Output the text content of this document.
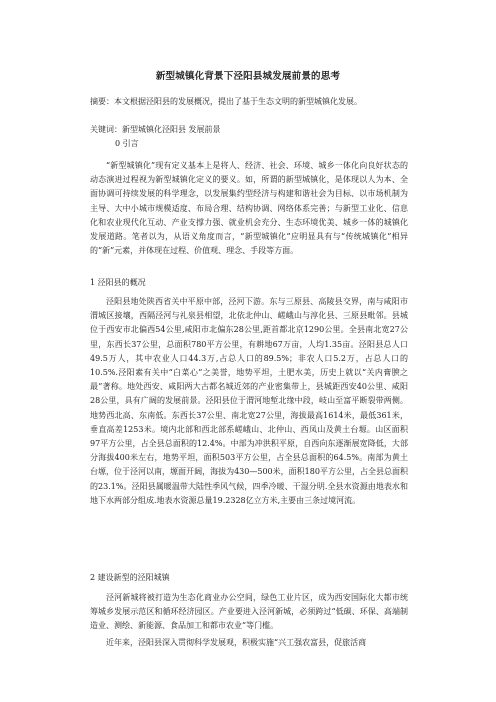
新型城镇化背景下泾阳县城发展前景的思考
摘要：本文根据泾阳县的发展概况，提出了基于生态文明的新型城镇化发展。
关键词：新型城镇化泾阳县 发展前景
0 引言
“新型城镇化”现有定义基本上是将人、经济、社会、环境、城乡一体化向良好状态的动态演进过程视为新型城镇化定义的要义。如，所谓的新型城镇化，是体现以人为本、全面协调可持续发展的科学理念，以发展集约型经济与构建和谐社会为目标、以市场机制为主导、大中小城市规模适度、布局合理、结构协调、网络体系完善；与新型工业化、信息化和农业现代化互动、产业支撑力强、就业机会充分、生态环境优美、城乡一体的城镇化发展道路。笔者以为，从语义角度而言，“新型城镇化”应明显具有与“传统城镇化”相异的“新”元素，并体现在过程、价值观、理念、手段等方面。
1 泾阳县的概况
泾阳县地处陕西省关中平原中部，泾河下游。东与三原县、高陵县交界，南与咸阳市渭城区接壤，西隔泾河与礼泉县相望，北依北仲山、嵯峨山与淳化县、三原县毗邻。县城位于西安市北偏西54公里,咸阳市北偏东28公里,距首都北京1290公里。全县南北宽27公里，东西长37公里，总面积780平方公里，有耕地67万亩，人均1.35亩。泾阳县总人口49.5万人，其中农业人口44.3万,占总人口的89.5%；非农人口5.2万，占总人口的10.5%.泾阳素有关中“白菜心”之美誉，地势平坦，土肥水美，历史上就以“关内膏腴之最”著称。地处西安、咸阳两大古都名城近郊的产业密集带上，县城距西安40公里、咸阳28公里，具有广阔的发展前景。泾阳县位于渭河地堑北缘中段，岐山至富平断裂带两侧。地势西北高、东南低。东西长37公里、南北宽27公里，海拔最高1614米，最低361米，垂直高差1253米。境内北部和西北部系嵯峨山、北仲山、西凤山及黄土台塬。山区面积97平方公里，占全县总面积的12.4%。中部为冲洪积平原，自西向东逐渐展宽降低，大部分海拔400米左右，地势平坦，面积503平方公里，占全县总面积的64.5%。南部为黄土台塬，位于泾河以南，塬面开阔，海拔为430—500米，面积180平方公里，占全县总面积的23.1%。泾阳县属暖温带大陆性季风气候，四季冷暖、干湿分明.全县水资源由地表水和地下水两部分组成.地表水资源总量19.2328亿立方米,主要由三条过境河流。
2 建设新型的泾阳城镇
泾河新城将被打造为生态化商业办公空间，绿色工业片区，成为西安国际化大都市统筹城乡发展示范区和循环经济园区。产业要进入泾河新城，必须跨过“低碳、环保、高端制造业、测绘、新能源、食品加工和都市农业”等门槛。
近年来，泾阳县深入贯彻科学发展观，积极实施“兴工强农富县，促旅活商
